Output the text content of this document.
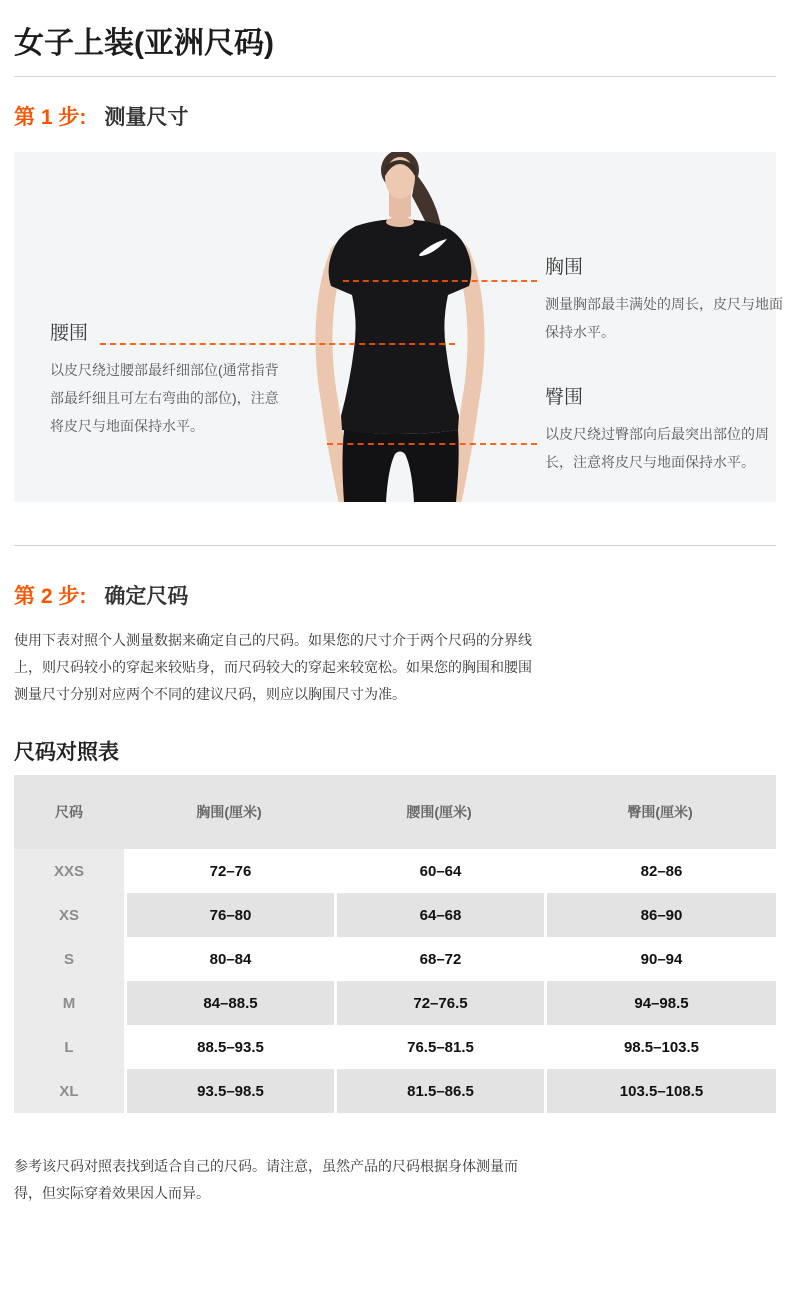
女子上装(亚洲尺码)
第 1 步: 测量尺寸
胸围
测量胸部最丰满处的周长，皮尺与地面保持水平。
腰围
以皮尺绕过腰部最纤细部位(通常指背部最纤细且可左右弯曲的部位)，注意将皮尺与地面保持水平。
臀围
以皮尺绕过臀部向后最突出部位的周长，注意将皮尺与地面保持水平。
第 2 步: 确定尺码

使用下表对照个人测量数据来确定自己的尺码。如果您的尺寸介于两个尺码的分界线上，则尺码较小的穿起来较贴身，而尺码较大的穿起来较宽松。如果您的胸围和腰围测量尺寸分别对应两个不同的建议尺码，则应以胸围尺寸为准。

尺码对照表
尺码	胸围(厘米)	腰围(厘米)	臀围(厘米)
XXS	72–76	60–64	82–86
XS	76–80	64–68	86–90
S	80–84	68–72	90–94
M	84–88.5	72–76.5	94–98.5
L	88.5–93.5	76.5–81.5	98.5–103.5
XL	93.5–98.5	81.5–86.5	103.5–108.5

参考该尺码对照表找到适合自己的尺码。请注意，虽然产品的尺码根据身体测量而得，但实际穿着效果因人而异。
